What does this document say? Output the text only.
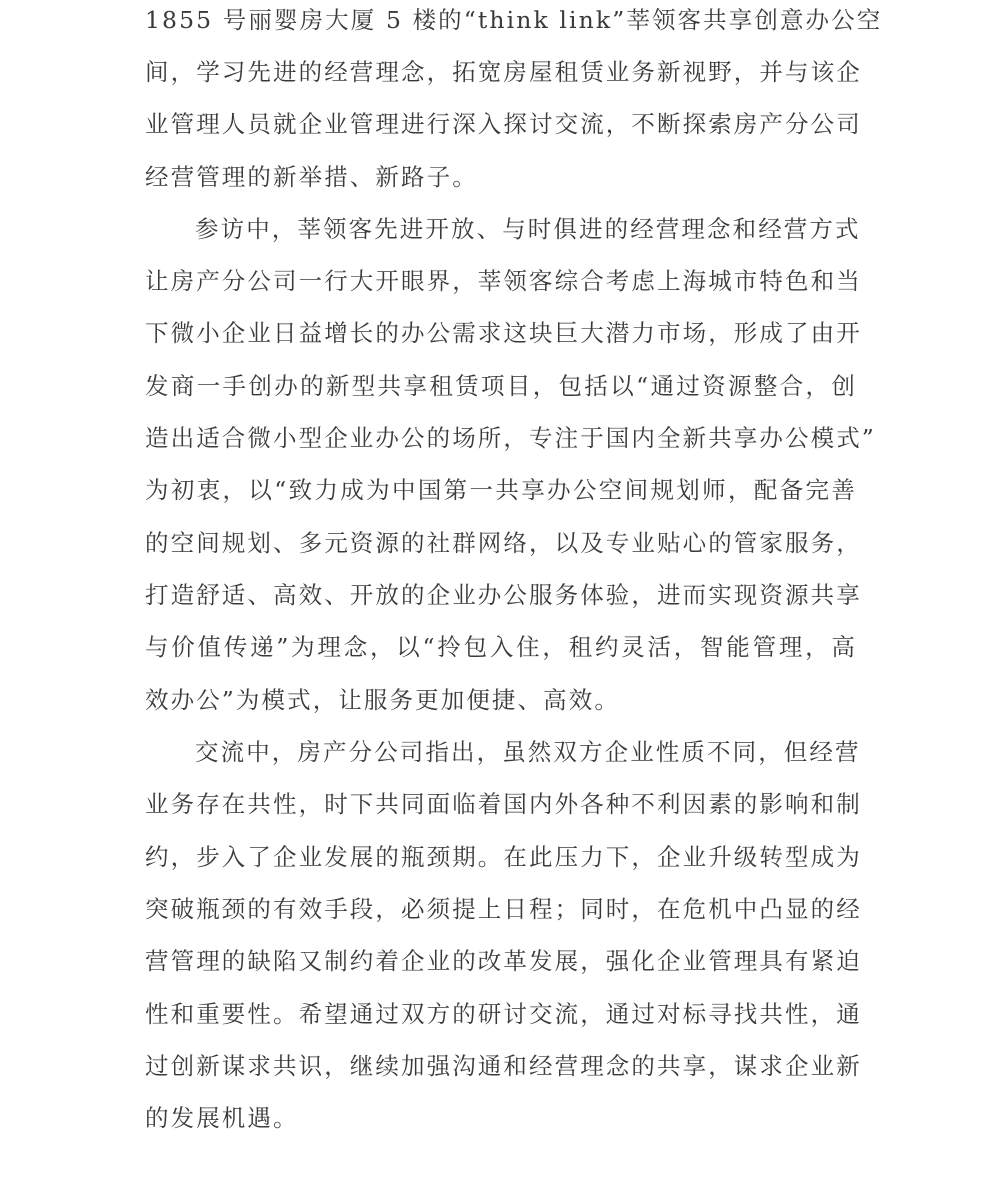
1855 号丽婴房大厦 5 楼的“think link”莘领客共享创意办公空
间，学习先进的经营理念，拓宽房屋租赁业务新视野，并与该企
业管理人员就企业管理进行深入探讨交流，不断探索房产分公司
经营管理的新举措、新路子。
参访中，莘领客先进开放、与时俱进的经营理念和经营方式
让房产分公司一行大开眼界，莘领客综合考虑上海城市特色和当
下微小企业日益增长的办公需求这块巨大潜力市场，形成了由开
发商一手创办的新型共享租赁项目，包括以“通过资源整合，创
造出适合微小型企业办公的场所，专注于国内全新共享办公模式”
为初衷，以“致力成为中国第一共享办公空间规划师，配备完善
的空间规划、多元资源的社群网络，以及专业贴心的管家服务，
打造舒适、高效、开放的企业办公服务体验，进而实现资源共享
与价值传递”为理念，以“拎包入住，租约灵活，智能管理，高
效办公”为模式，让服务更加便捷、高效。
交流中，房产分公司指出，虽然双方企业性质不同，但经营
业务存在共性，时下共同面临着国内外各种不利因素的影响和制
约，步入了企业发展的瓶颈期。在此压力下，企业升级转型成为
突破瓶颈的有效手段，必须提上日程；同时，在危机中凸显的经
营管理的缺陷又制约着企业的改革发展，强化企业管理具有紧迫
性和重要性。希望通过双方的研讨交流，通过对标寻找共性，通
过创新谋求共识，继续加强沟通和经营理念的共享，谋求企业新
的发展机遇。
